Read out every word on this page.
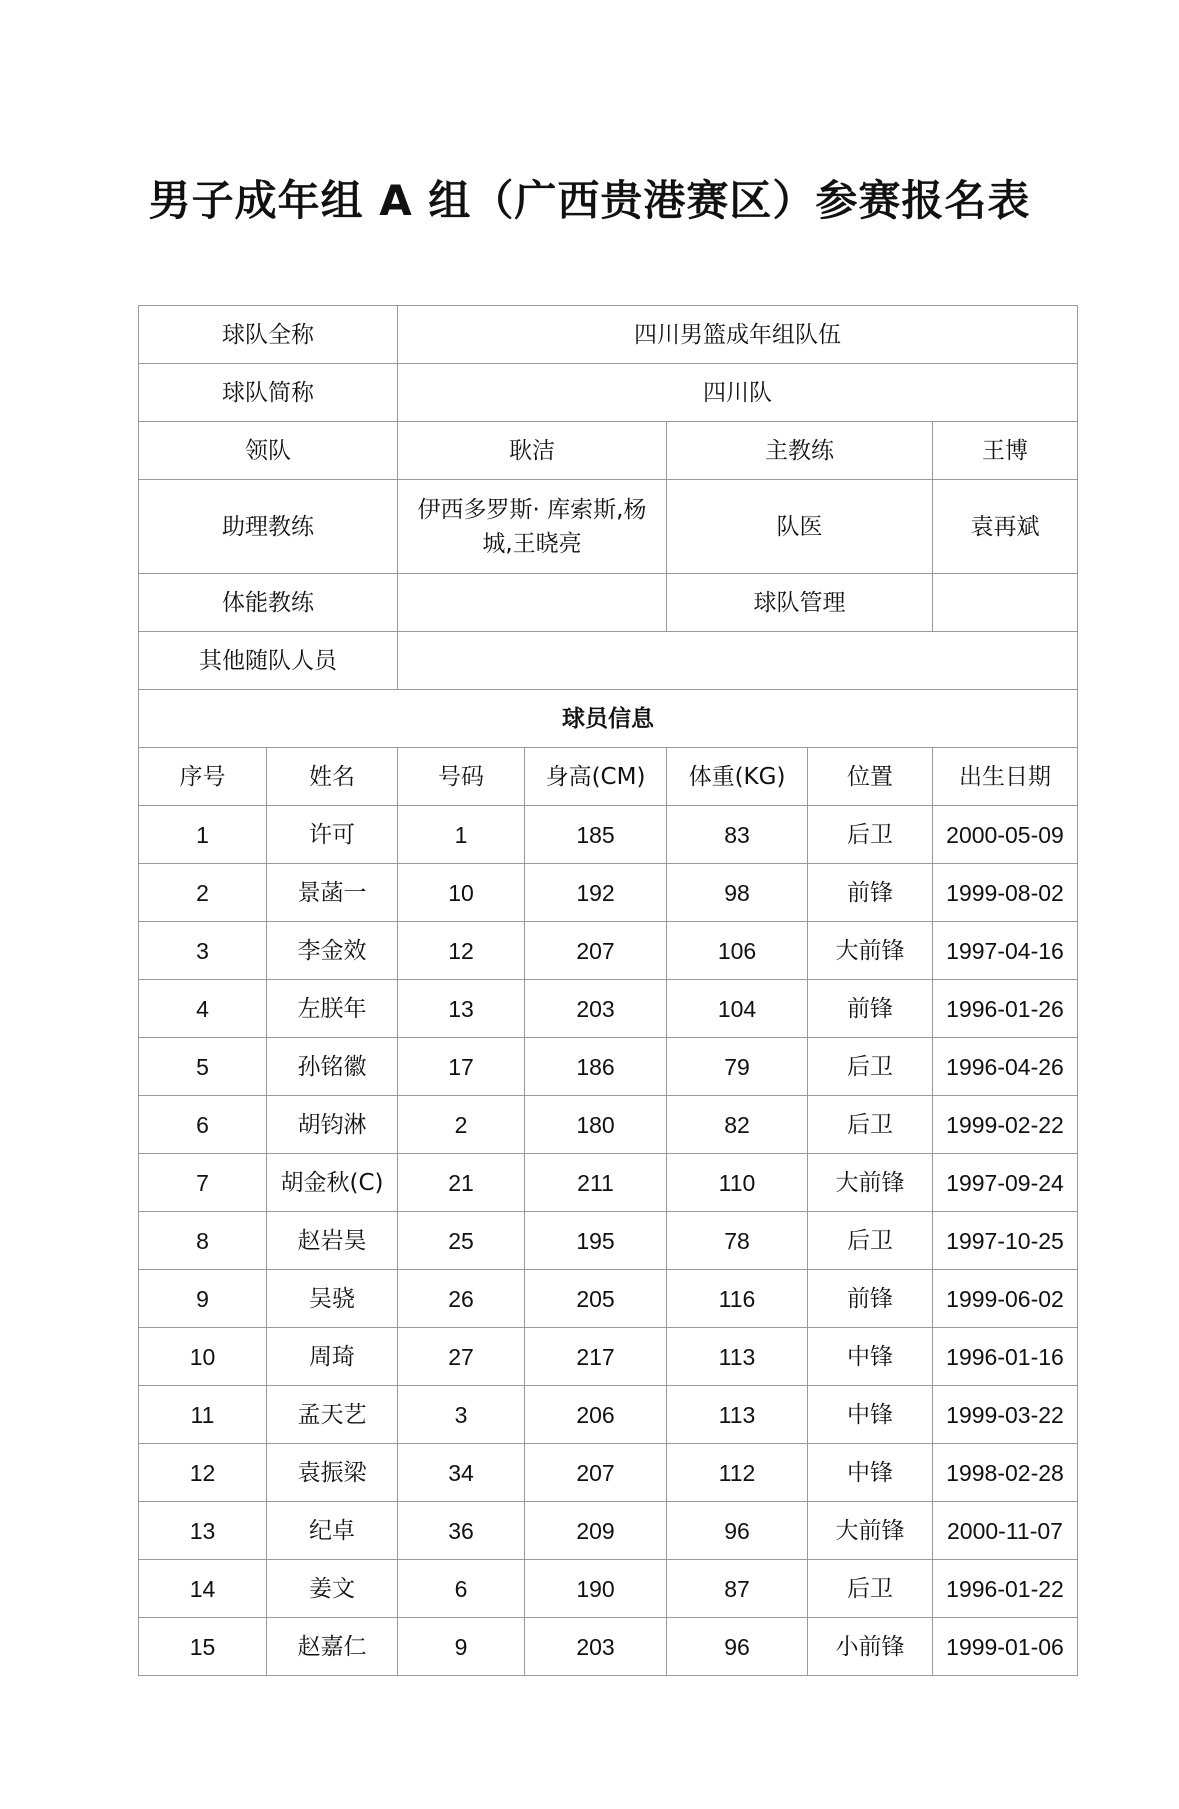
男子成年组 A 组（广西贵港赛区）参赛报名表
球队全称		四川男篮成年组队伍				
球队简称		四川队				
领队		耿洁		主教练		王博
助理教练		伊西多罗斯· 库索斯,杨城,王晓亮		队医		袁再斌
体能教练				球队管理		
其他随队人员						
球员信息						
序号	姓名	号码	身高(CM)	体重(KG)	位置	出生日期
1	许可	1	185	83	后卫	2000-05-09
2	景菡一	10	192	98	前锋	1999-08-02
3	李金效	12	207	106	大前锋	1997-04-16
4	左朕年	13	203	104	前锋	1996-01-26
5	孙铭徽	17	186	79	后卫	1996-04-26
6	胡钧淋	2	180	82	后卫	1999-02-22
7	胡金秋(C)	21	211	110	大前锋	1997-09-24
8	赵岩昊	25	195	78	后卫	1997-10-25
9	吴骁	26	205	116	前锋	1999-06-02
10	周琦	27	217	113	中锋	1996-01-16
11	孟天艺	3	206	113	中锋	1999-03-22
12	袁振梁	34	207	112	中锋	1998-02-28
13	纪卓	36	209	96	大前锋	2000-11-07
14	姜文	6	190	87	后卫	1996-01-22
15	赵嘉仁	9	203	96	小前锋	1999-01-06
